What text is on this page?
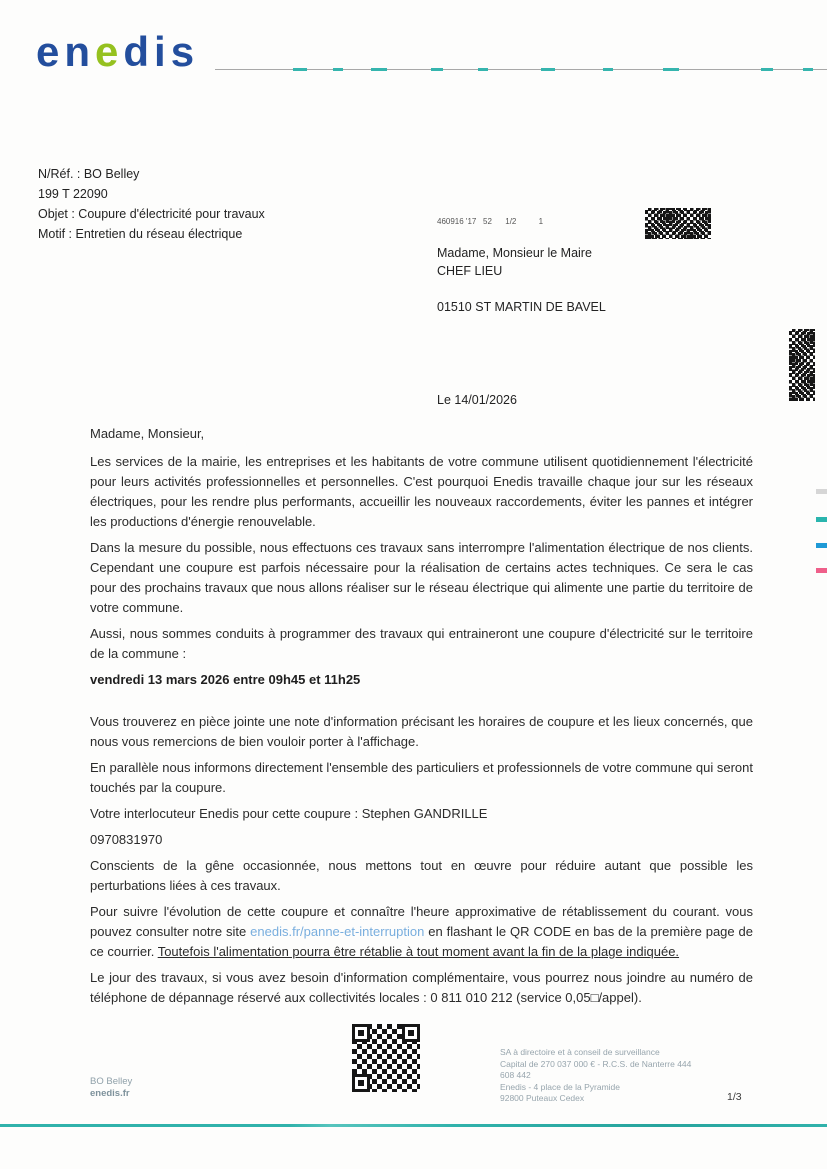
enedis
N/Réf. : BO Belley
199 T 22090
Objet : Coupure d'électricité pour travaux
Motif : Entretien du réseau électrique
460916 '17   52      1/2          1
Madame, Monsieur le Maire
CHEF LIEU
01510 ST MARTIN DE BAVEL
Le 14/01/2026
Madame, Monsieur,

Les services de la mairie, les entreprises et les habitants de votre commune utilisent quotidiennement l'électricité pour leurs activités professionnelles et personnelles. C'est pourquoi Enedis travaille chaque jour sur les réseaux électriques, pour les rendre plus performants, accueillir les nouveaux raccordements, éviter les pannes et intégrer les productions d'énergie renouvelable.

Dans la mesure du possible, nous effectuons ces travaux sans interrompre l'alimentation électrique de nos clients. Cependant une coupure est parfois nécessaire pour la réalisation de certains actes techniques. Ce sera le cas pour des prochains travaux que nous allons réaliser sur le réseau électrique qui alimente une partie du territoire de votre commune.

Aussi, nous sommes conduits à programmer des travaux qui entraineront une coupure d'électricité sur le territoire de la commune :

vendredi 13 mars 2026 entre 09h45 et 11h25

Vous trouverez en pièce jointe une note d'information précisant les horaires de coupure et les lieux concernés, que nous vous remercions de bien vouloir porter à l'affichage.

En parallèle nous informons directement l'ensemble des particuliers et professionnels de votre commune qui seront touchés par la coupure.

Votre interlocuteur Enedis pour cette coupure : Stephen GANDRILLE

0970831970

Conscients de la gêne occasionnée, nous mettons tout en œuvre pour réduire autant que possible les perturbations liées à ces travaux.

Pour suivre l'évolution de cette coupure et connaître l'heure approximative de rétablissement du courant. vous pouvez consulter notre site enedis.fr/panne-et-interruption en flashant le QR CODE en bas de la première page de ce courrier. Toutefois l'alimentation pourra être rétablie à tout moment avant la fin de la plage indiquée.

Le jour des travaux, si vous avez besoin d'information complémentaire, vous pourrez nous joindre au numéro de téléphone de dépannage réservé aux collectivités locales : 0 811 010 212 (service 0,05□/appel).

SA à directoire et à conseil de surveillance
Capital de 270 037 000 € - R.C.S. de Nanterre 444
608 442
Enedis - 4 place de la Pyramide
92800 Puteaux Cedex
BO Belley
enedis.fr	1/3
